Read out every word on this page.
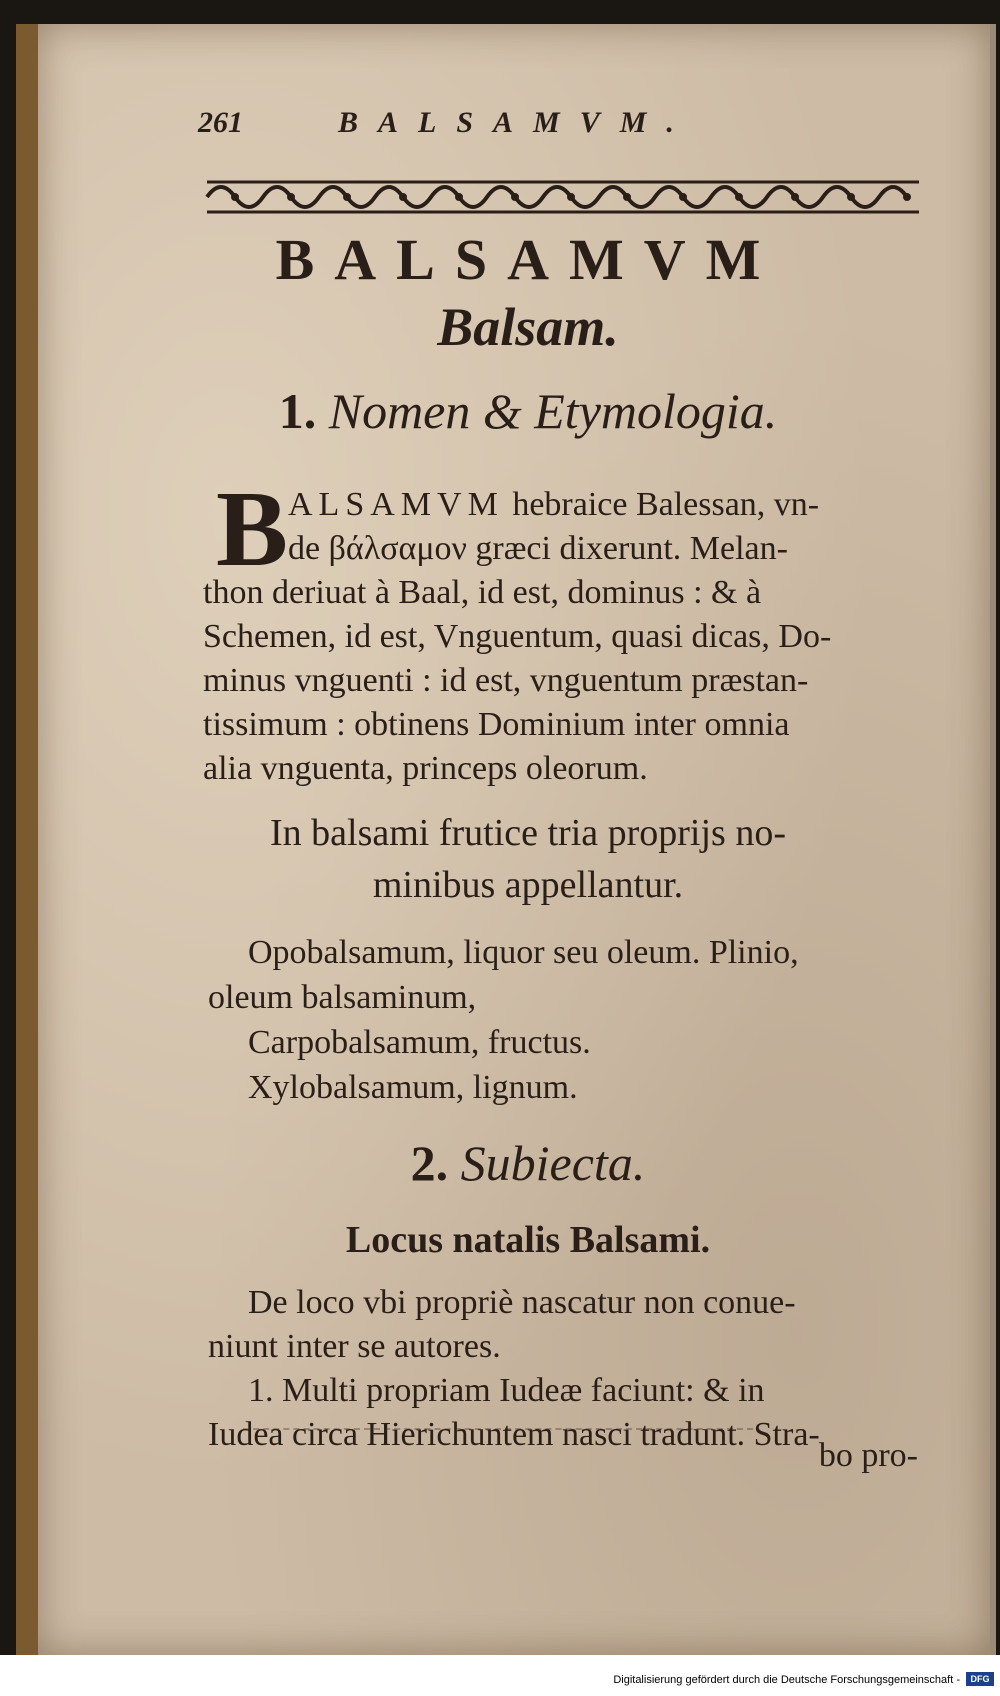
261	BALSAMVM.
BALSAMVM
Balsam.
1. Nomen & Etymologia.
B ALSAMVM hebraice Balessan, vn-
de βάλσαμον græci dixerunt. Melan-
thon deriuat à Baal, id est, dominus : & à
Schemen, id est, Vnguentum, quasi dicas, Do-
minus vnguenti : id est, vnguentum præstan-
tissimum : obtinens Dominium inter omnia
alia vnguenta, princeps oleorum.
In balsami frutice tria proprijs no-
minibus appellantur.
Opobalsamum, liquor seu oleum. Plinio,
oleum balsaminum,
Carpobalsamum, fructus.
Xylobalsamum, lignum.
2. Subiecta.
Locus natalis Balsami.
De loco vbi propriè nascatur non conue-
niunt inter se autores.
1. Multi propriam Iudeæ faciunt: & in
Iudea circa Hierichuntem nasci tradunt. Stra-
bo pro-
Digitalisierung gefördert durch die Deutsche Forschungsgemeinschaft -	DFG
